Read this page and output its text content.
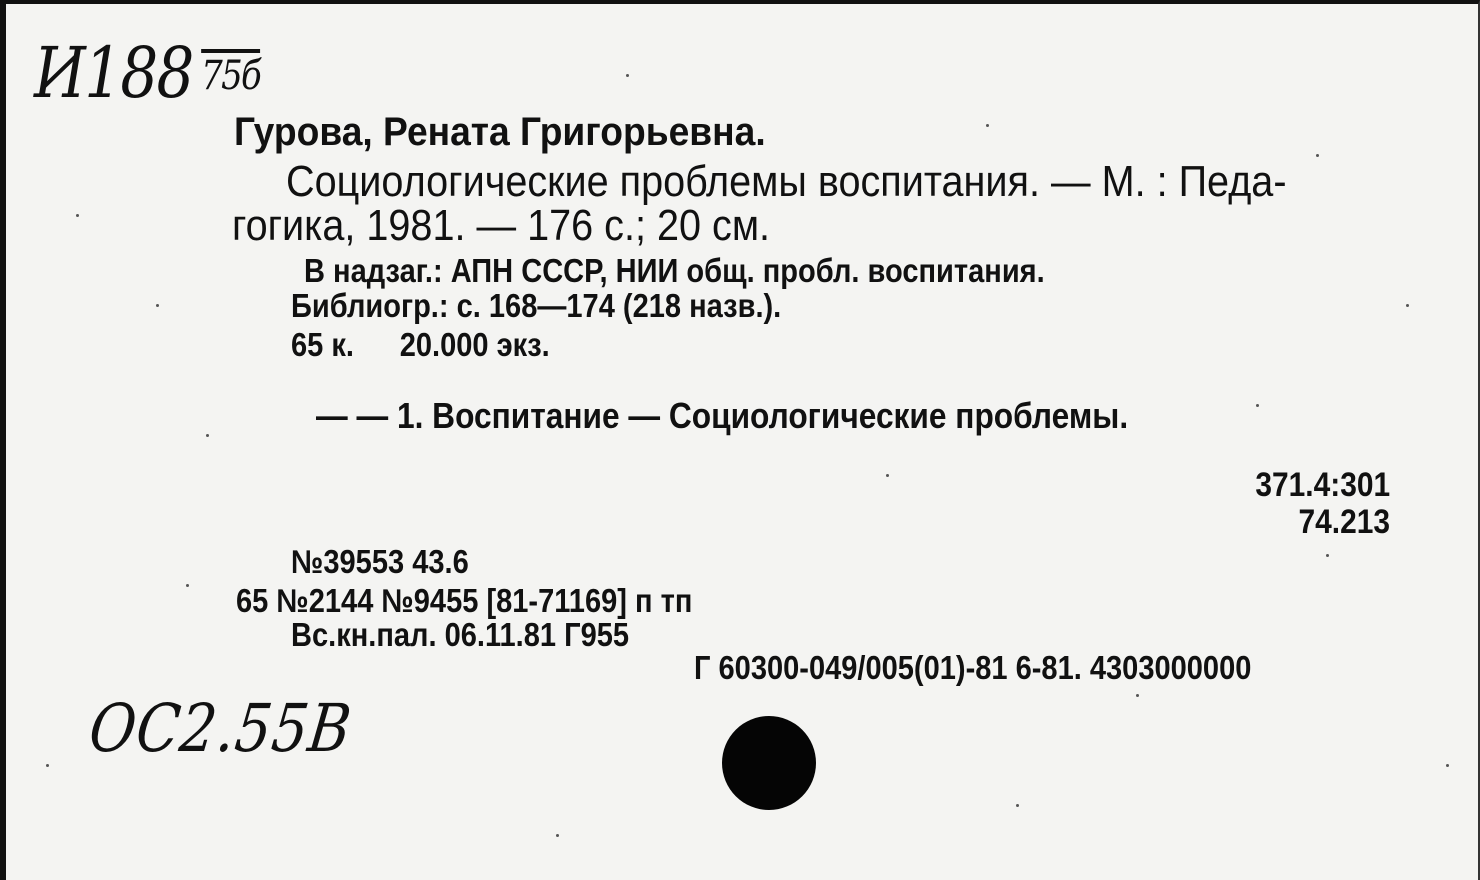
И188 $^{75б}$
Гурова, Рената Григорьевна.
Социологические проблемы воспитания. — М. : Педа-
гогика, 1981. — 176 с.; 20 см.
В надзаг.: АПН СССР, НИИ общ. пробл. воспитания.
Библиогр.: с. 168—174 (218 назв.).
65 к. 20.000 экз.
— — 1. Воспитание — Социологические проблемы.
371.4:301
74.213
№39553 43.6
65 №2144 №9455 [81-71169] п тп
Вс.кн.пал. 06.11.81 Г955
Г 60300-049/005(01)-81 6-81. 4303000000
ОС2.55В
